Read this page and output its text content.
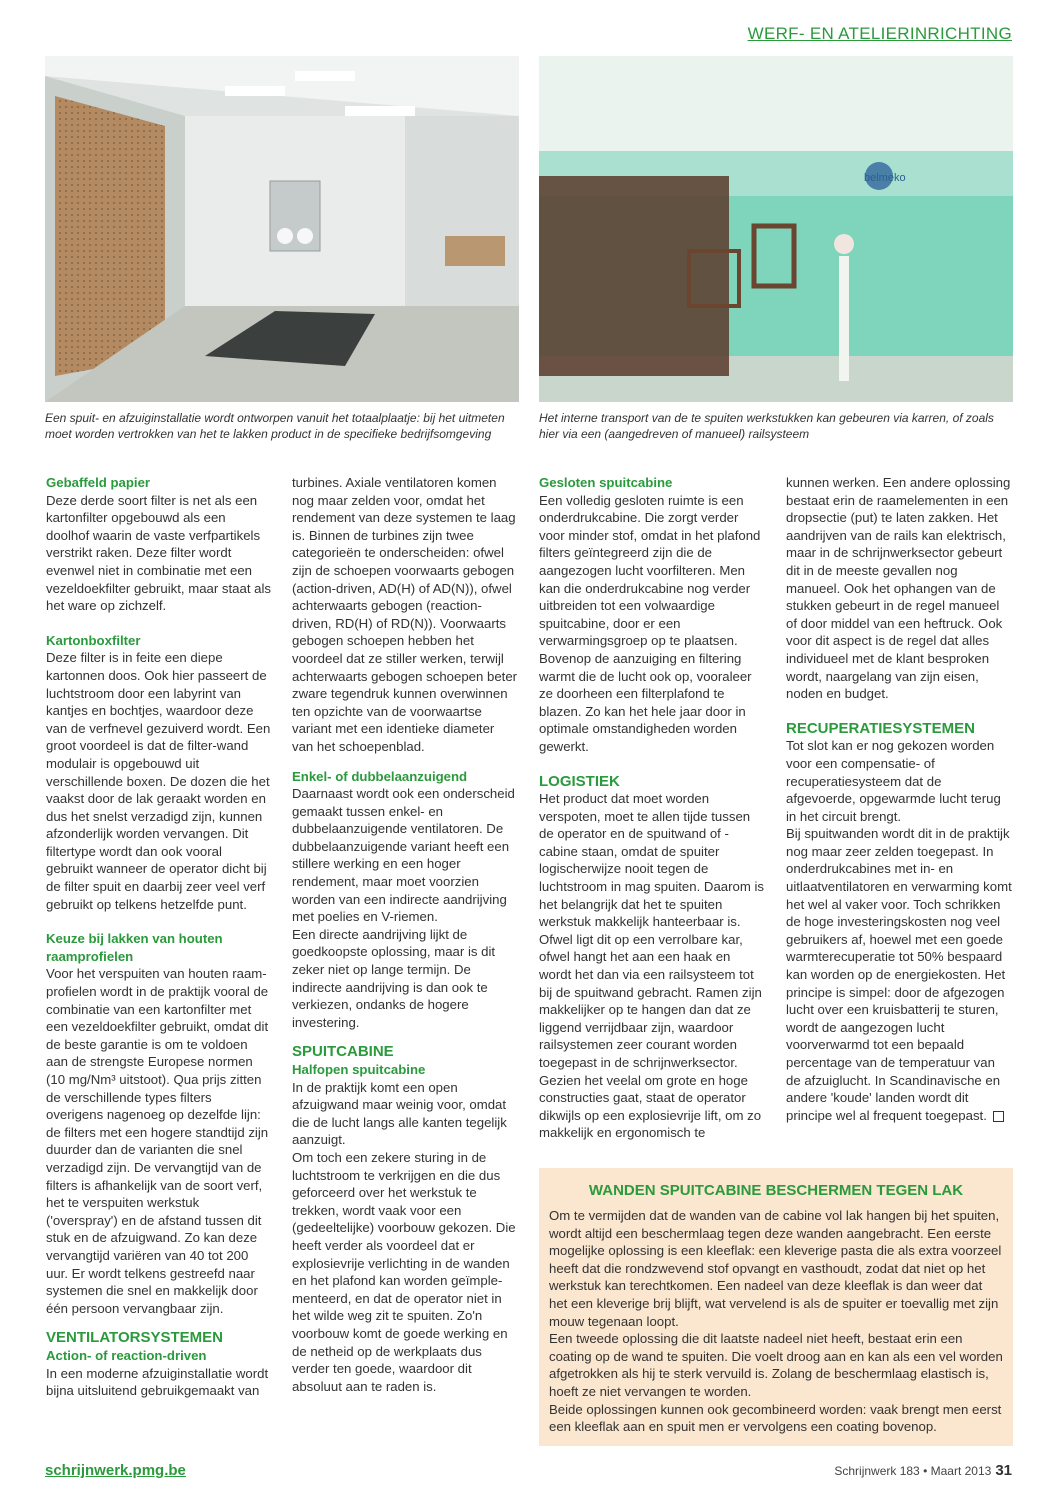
WERF- EN ATELIERINRICHTING
belmeko
Een spuit- en afzuiginstallatie wordt ontworpen vanuit het totaalplaatje: bij het uitmeten moet worden vertrokken van het te lakken product in de specifieke bedrijfsomgeving
Het interne transport van de te spuiten werkstukken kan gebeuren via karren, of zoals hier via een (aangedreven of manueel) railsysteem

Gebaffeld papier

Deze derde soort filter is net als een kartonfilter opgebouwd als een doolhof waarin de vaste verfpartikels verstrikt raken. Deze filter wordt evenwel niet in combinatie met een vezeldoekfilter gebruikt, maar staat als het ware op zichzelf.

Kartonboxfilter

Deze filter is in feite een diepe kartonnen doos. Ook hier passeert de luchtstroom door een labyrint van kantjes en bochtjes, waardoor deze van de verfnevel gezuiverd wordt. Een groot voordeel is dat de filter-wand modulair is opgebouwd uit verschillende boxen. De dozen die het vaakst door de lak geraakt worden en dus het snelst verzadigd zijn, kunnen afzonderlijk worden vervangen. Dit filtertype wordt dan ook vooral gebruikt wanneer de operator dicht bij de filter spuit en daarbij zeer veel verf gebruikt op telkens hetzelfde punt.

Keuze bij lakken van houten raamprofielen

Voor het verspuiten van houten raam-profielen wordt in de praktijk vooral de combinatie van een kartonfilter met een vezeldoekfilter gebruikt, omdat dit de beste garantie is om te voldoen aan de strengste Europese normen (10 mg/Nm³ uitstoot). Qua prijs zitten de verschillende types filters overigens nagenoeg op dezelfde lijn: de filters met een hogere standtijd zijn duurder dan de varianten die snel verzadigd zijn. De vervangtijd van de filters is afhankelijk van de soort verf, het te verspuiten werkstuk ('overspray') en de afstand tussen dit stuk en de afzuigwand. Zo kan deze vervangtijd variëren van 40 tot 200 uur. Er wordt telkens gestreefd naar systemen die snel en makkelijk door één persoon vervangbaar zijn.

VENTILATORSYSTEMEN

Action- of reaction-driven

In een moderne afzuiginstallatie wordt bijna uitsluitend gebruikgemaakt van

turbines. Axiale ventilatoren komen nog maar zelden voor, omdat het rendement van deze systemen te laag is. Binnen de turbines zijn twee categorieën te onderscheiden: ofwel zijn de schoepen voorwaarts gebogen (action-driven, AD(H) of AD(N)), ofwel achterwaarts gebogen (reaction-driven, RD(H) of RD(N)). Voorwaarts gebogen schoepen hebben het voordeel dat ze stiller werken, terwijl achterwaarts gebogen schoepen beter zware tegendruk kunnen overwinnen ten opzichte van de voorwaartse variant met een identieke diameter van het schoepenblad.

Enkel- of dubbelaanzuigend

Daarnaast wordt ook een onderscheid gemaakt tussen enkel- en dubbelaanzuigende ventilatoren. De dubbelaanzuigende variant heeft een stillere werking en een hoger rendement, maar moet voorzien worden van een indirecte aandrijving met poelies en V-riemen.

Een directe aandrijving lijkt de goedkoopste oplossing, maar is dit zeker niet op lange termijn. De indirecte aandrijving is dan ook te verkiezen, ondanks de hogere investering.

SPUITCABINE

Halfopen spuitcabine

In de praktijk komt een open afzuigwand maar weinig voor, omdat die de lucht langs alle kanten tegelijk aanzuigt.

Om toch een zekere sturing in de luchtstroom te verkrijgen en die dus geforceerd over het werkstuk te trekken, wordt vaak voor een (gedeeltelijke) voorbouw gekozen. Die heeft verder als voordeel dat er explosievrije verlichting in de wanden en het plafond kan worden geïmple-menteerd, en dat de operator niet in het wilde weg zit te spuiten. Zo'n voorbouw komt de goede werking en de netheid op de werkplaats dus verder ten goede, waardoor dit absoluut aan te raden is.

Gesloten spuitcabine

Een volledig gesloten ruimte is een onderdrukcabine. Die zorgt verder voor minder stof, omdat in het plafond filters geïntegreerd zijn die de aangezogen lucht voorfilteren. Men kan die onderdrukcabine nog verder uitbreiden tot een volwaardige spuitcabine, door er een verwarmingsgroep op te plaatsen. Bovenop de aanzuiging en filtering warmt die de lucht ook op, vooraleer ze doorheen een filterplafond te blazen. Zo kan het hele jaar door in optimale omstandigheden worden gewerkt.

LOGISTIEK

Het product dat moet worden verspoten, moet te allen tijde tussen de operator en de spuitwand of -cabine staan, omdat de spuiter logischerwijze nooit tegen de luchtstroom in mag spuiten. Daarom is het belangrijk dat het te spuiten werkstuk makkelijk hanteerbaar is. Ofwel ligt dit op een verrolbare kar, ofwel hangt het aan een haak en wordt het dan via een railsysteem tot bij de spuitwand gebracht. Ramen zijn makkelijker op te hangen dan dat ze liggend verrijdbaar zijn, waardoor railsystemen zeer courant worden toegepast in de schrijnwerksector. Gezien het veelal om grote en hoge constructies gaat, staat de operator dikwijls op een explosievrije lift, om zo makkelijk en ergonomisch te

kunnen werken. Een andere oplossing bestaat erin de raamelementen in een dropsectie (put) te laten zakken. Het aandrijven van de rails kan elektrisch, maar in de schrijnwerksector gebeurt dit in de meeste gevallen nog manueel. Ook het ophangen van de stukken gebeurt in de regel manueel of door middel van een heftruck. Ook voor dit aspect is de regel dat alles individueel met de klant besproken wordt, naargelang van zijn eisen, noden en budget.

RECUPERATIESYSTEMEN

Tot slot kan er nog gekozen worden voor een compensatie- of recuperatiesysteem dat de afgevoerde, opgewarmde lucht terug in het circuit brengt.

Bij spuitwanden wordt dit in de praktijk nog maar zeer zelden toegepast. In onderdrukcabines met in- en uitlaatventilatoren en verwarming komt het wel al vaker voor. Toch schrikken de hoge investeringskosten nog veel gebruikers af, hoewel met een goede warmterecuperatie tot 50% bespaard kan worden op de energiekosten. Het principe is simpel: door de afgezogen lucht over een kruisbatterij te sturen, wordt de aangezogen lucht voorverwarmd tot een bepaald percentage van de temperatuur van de afzuiglucht. In Scandinavische en andere 'koude' landen wordt dit principe wel al frequent toegepast.

WANDEN SPUITCABINE BESCHERMEN TEGEN LAK

Om te vermijden dat de wanden van de cabine vol lak hangen bij het spuiten, wordt altijd een beschermlaag tegen deze wanden aangebracht. Een eerste mogelijke oplossing is een kleeflak: een kleverige pasta die als extra voorzeel heeft dat die rondzwevend stof opvangt en vasthoudt, zodat dat niet op het werkstuk kan terechtkomen. Een nadeel van deze kleeflak is dan weer dat het een kleverige brij blijft, wat vervelend is als de spuiter er toevallig met zijn mouw tegenaan loopt.

Een tweede oplossing die dit laatste nadeel niet heeft, bestaat erin een coating op de wand te spuiten. Die voelt droog aan en kan als een vel worden afgetrokken als hij te sterk vervuild is. Zolang de beschermlaag elastisch is, hoeft ze niet vervangen te worden.

Beide oplossingen kunnen ook gecombineerd worden: vaak brengt men eerst een kleeflak aan en spuit men er vervolgens een coating bovenop.

schrijnwerk.pmg.be	Schrijnwerk 183 • Maart 2013 31
